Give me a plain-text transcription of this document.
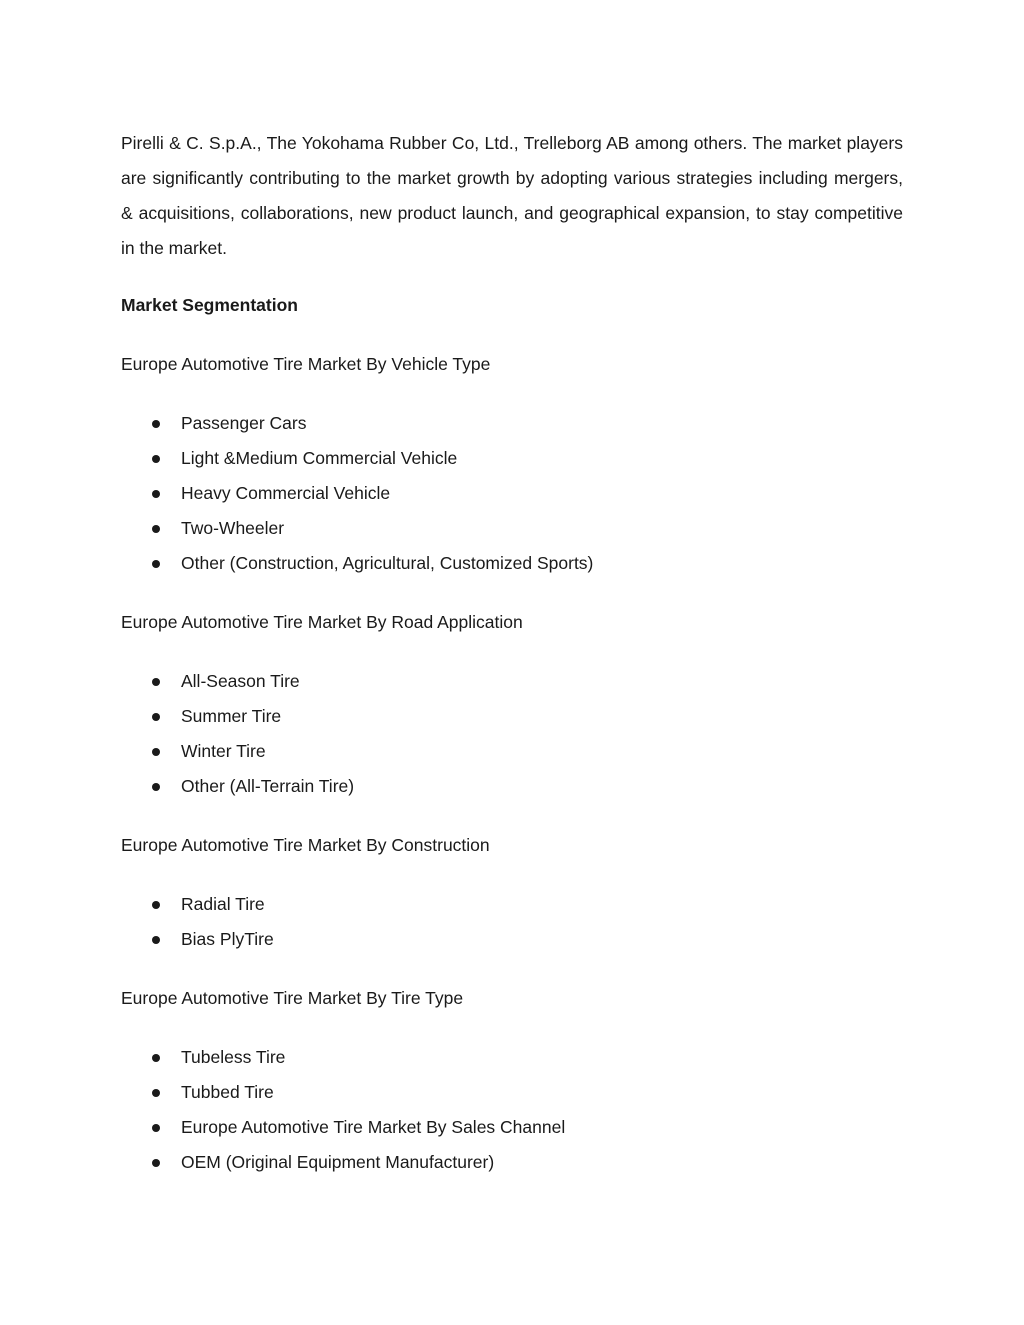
Pirelli & C. S.p.A., The Yokohama Rubber Co, Ltd., Trelleborg AB among others. The market players are significantly contributing to the market growth by adopting various strategies including mergers, & acquisitions, collaborations, new product launch, and geographical expansion, to stay competitive in the market.

Market Segmentation
Europe Automotive Tire Market By Vehicle Type
Passenger Cars
Light &Medium Commercial Vehicle
Heavy Commercial Vehicle
Two-Wheeler
Other (Construction, Agricultural, Customized Sports)
Europe Automotive Tire Market By Road Application
All-Season Tire
Summer Tire
Winter Tire
Other (All-Terrain Tire)
Europe Automotive Tire Market By Construction
Radial Tire
Bias PlyTire
Europe Automotive Tire Market By Tire Type
Tubeless Tire
Tubbed Tire
Europe Automotive Tire Market By Sales Channel
OEM (Original Equipment Manufacturer)
